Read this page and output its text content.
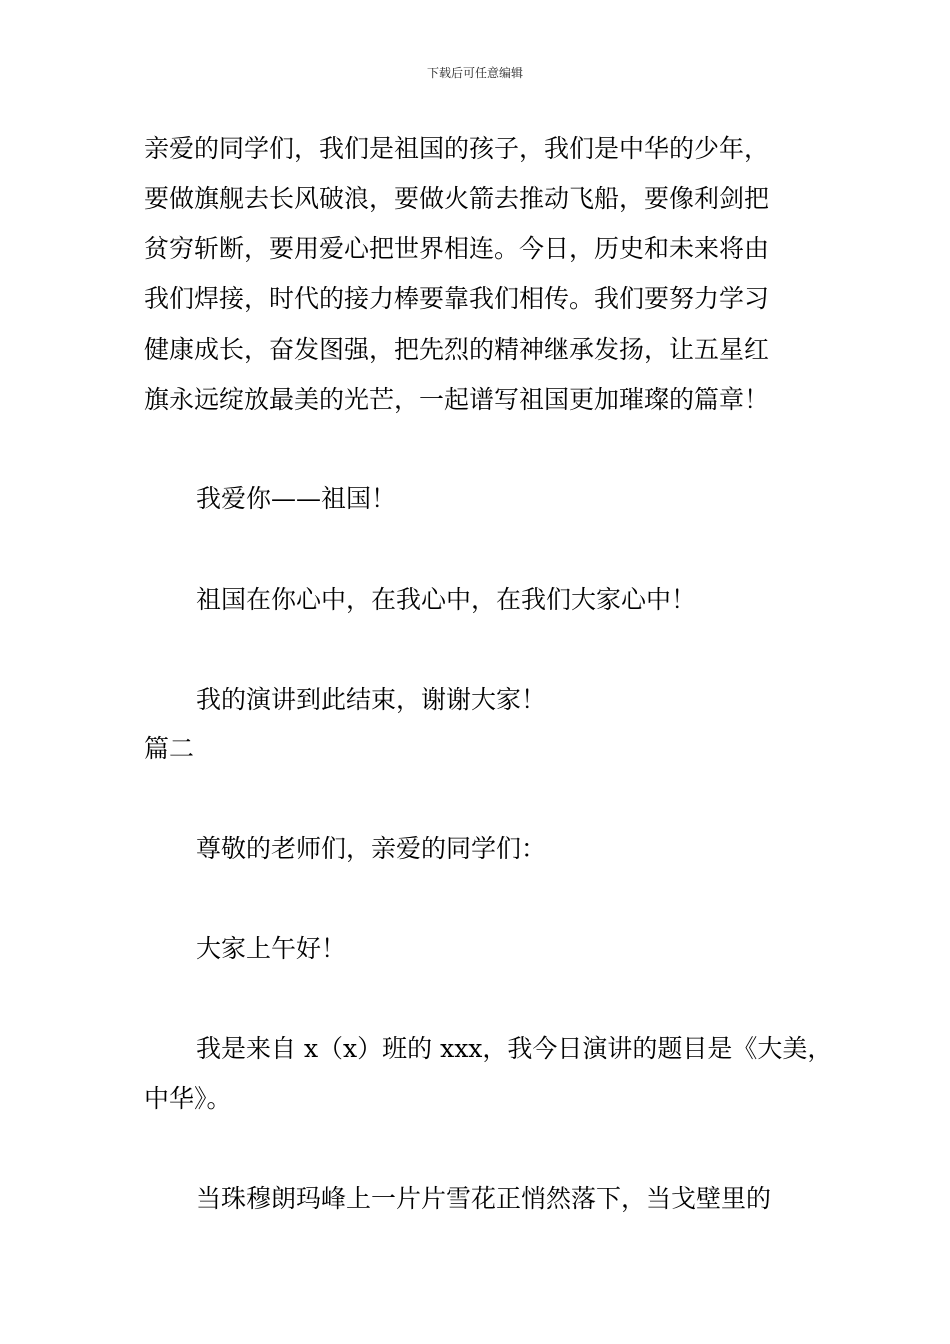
下载后可任意编辑
亲爱的同学们，我们是祖国的孩子，我们是中华的少年，
要做旗舰去长风破浪，要做火箭去推动飞船，要像利剑把
贫穷斩断，要用爱心把世界相连。今日，历史和未来将由
我们焊接，时代的接力棒要靠我们相传。我们要努力学习
健康成长，奋发图强，把先烈的精神继承发扬，让五星红
旗永远绽放最美的光芒，一起谱写祖国更加璀璨的篇章！
我爱你——祖国！
祖国在你心中，在我心中，在我们大家心中！
我的演讲到此结束，谢谢大家！
篇二
尊敬的老师们，亲爱的同学们：
大家上午好！
我是来自 x（x）班的 xxx，我今日演讲的题目是《大美，
中华》。
当珠穆朗玛峰上一片片雪花正悄然落下，当戈壁里的
